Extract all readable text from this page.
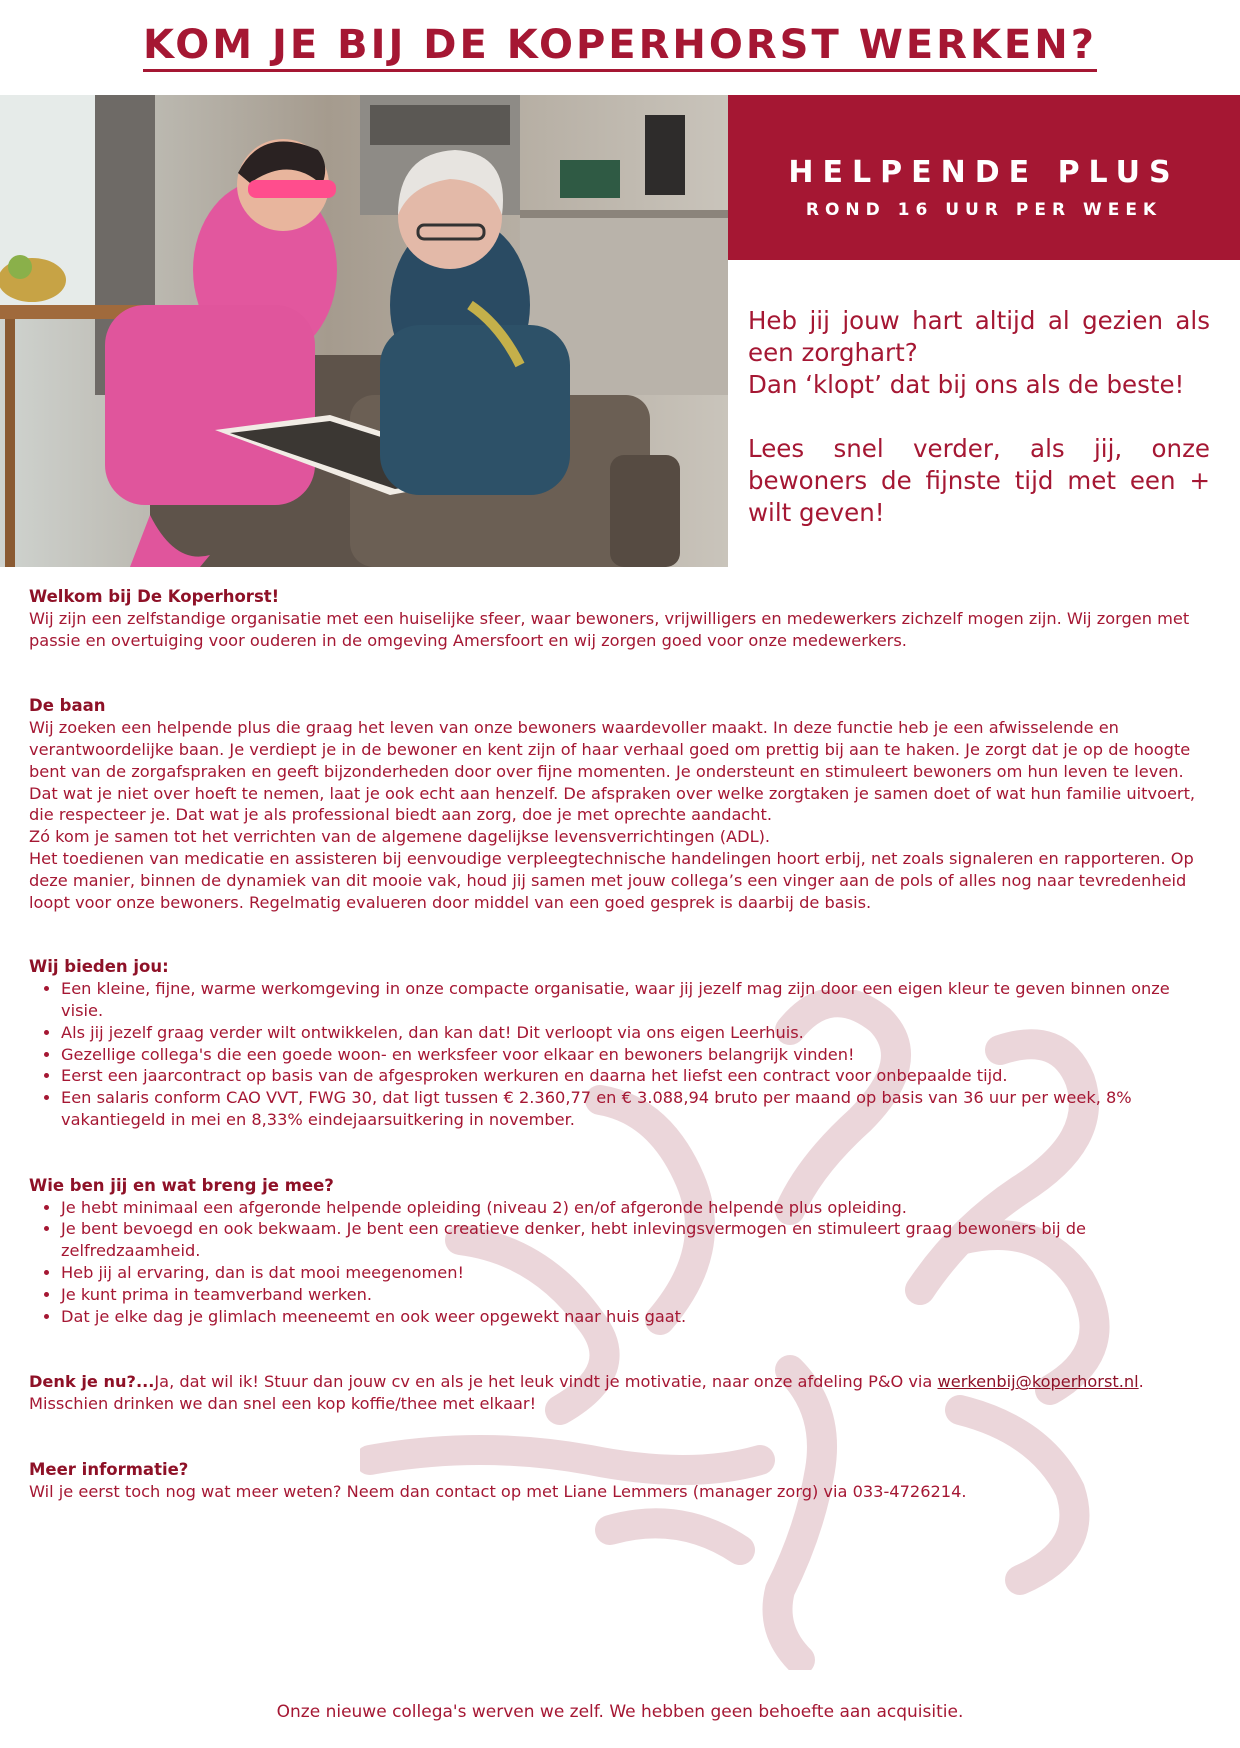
KOM JE BIJ DE KOPERHORST WERKEN?
HELPENDE PLUS
ROND 16 UUR PER WEEK

Heb jij jouw hart altijd al gezien als een zorghart?

Dan ‘klopt’ dat bij ons als de beste!

Lees snel verder, als jij, onze bewoners de fijnste tijd met een + wilt geven!

Welkom bij De Koperhorst!

Wij zijn een zelfstandige organisatie met een huiselijke sfeer, waar bewoners, vrijwilligers en medewerkers zichzelf mogen zijn. Wij zorgen met passie en overtuiging voor ouderen in de omgeving Amersfoort en wij zorgen goed voor onze medewerkers.

De baan

Wij zoeken een helpende plus die graag het leven van onze bewoners waardevoller maakt. In deze functie heb je een afwisselende en verantwoordelijke baan. Je verdiept je in de bewoner en kent zijn of haar verhaal goed om prettig bij aan te haken. Je zorgt dat je op de hoogte bent van de zorgafspraken en geeft bijzonderheden door over fijne momenten. Je ondersteunt en stimuleert bewoners om hun leven te leven. Dat wat je niet over hoeft te nemen, laat je ook echt aan henzelf. De afspraken over welke zorgtaken je samen doet of wat hun familie uitvoert, die respecteer je. Dat wat je als professional biedt aan zorg, doe je met oprechte aandacht.

Zó kom je samen tot het verrichten van de algemene dagelijkse levensverrichtingen (ADL).

Het toedienen van medicatie en assisteren bij eenvoudige verpleegtechnische handelingen hoort erbij, net zoals signaleren en rapporteren. Op deze manier, binnen de dynamiek van dit mooie vak, houd jij samen met jouw collega’s een vinger aan de pols of alles nog naar tevredenheid loopt voor onze bewoners. Regelmatig evalueren door middel van een goed gesprek is daarbij de basis.

Wij bieden jou:
• Een kleine, fijne, warme werkomgeving in onze compacte organisatie, waar jij jezelf mag zijn door een eigen kleur te geven binnen onze visie.
• Als jij jezelf graag verder wilt ontwikkelen, dan kan dat! Dit verloopt via ons eigen Leerhuis.
• Gezellige collega's die een goede woon- en werksfeer voor elkaar en bewoners belangrijk vinden!
• Eerst een jaarcontract op basis van de afgesproken werkuren en daarna het liefst een contract voor onbepaalde tijd.
• Een salaris conform CAO VVT, FWG 30, dat ligt tussen € 2.360,77 en € 3.088,94 bruto per maand op basis van 36 uur per week, 8% vakantiegeld in mei en 8,33% eindejaarsuitkering in november.
Wie ben jij en wat breng je mee?
• Je hebt minimaal een afgeronde helpende opleiding (niveau 2) en/of afgeronde helpende plus opleiding.
• Je bent bevoegd en ook bekwaam. Je bent een creatieve denker, hebt inlevingsvermogen en stimuleert graag bewoners bij de zelfredzaamheid.
• Heb jij al ervaring, dan is dat mooi meegenomen!
• Je kunt prima in teamverband werken.
• Dat je elke dag je glimlach meeneemt en ook weer opgewekt naar huis gaat.

Denk je nu?...Ja, dat wil ik! Stuur dan jouw cv en als je het leuk vindt je motivatie, naar onze afdeling P&O via werkenbij@koperhorst.nl. Misschien drinken we dan snel een kop koffie/thee met elkaar!

Meer informatie?

Wil je eerst toch nog wat meer weten? Neem dan contact op met Liane Lemmers (manager zorg) via 033-4726214.

Onze nieuwe collega's werven we zelf. We hebben geen behoefte aan acquisitie.
